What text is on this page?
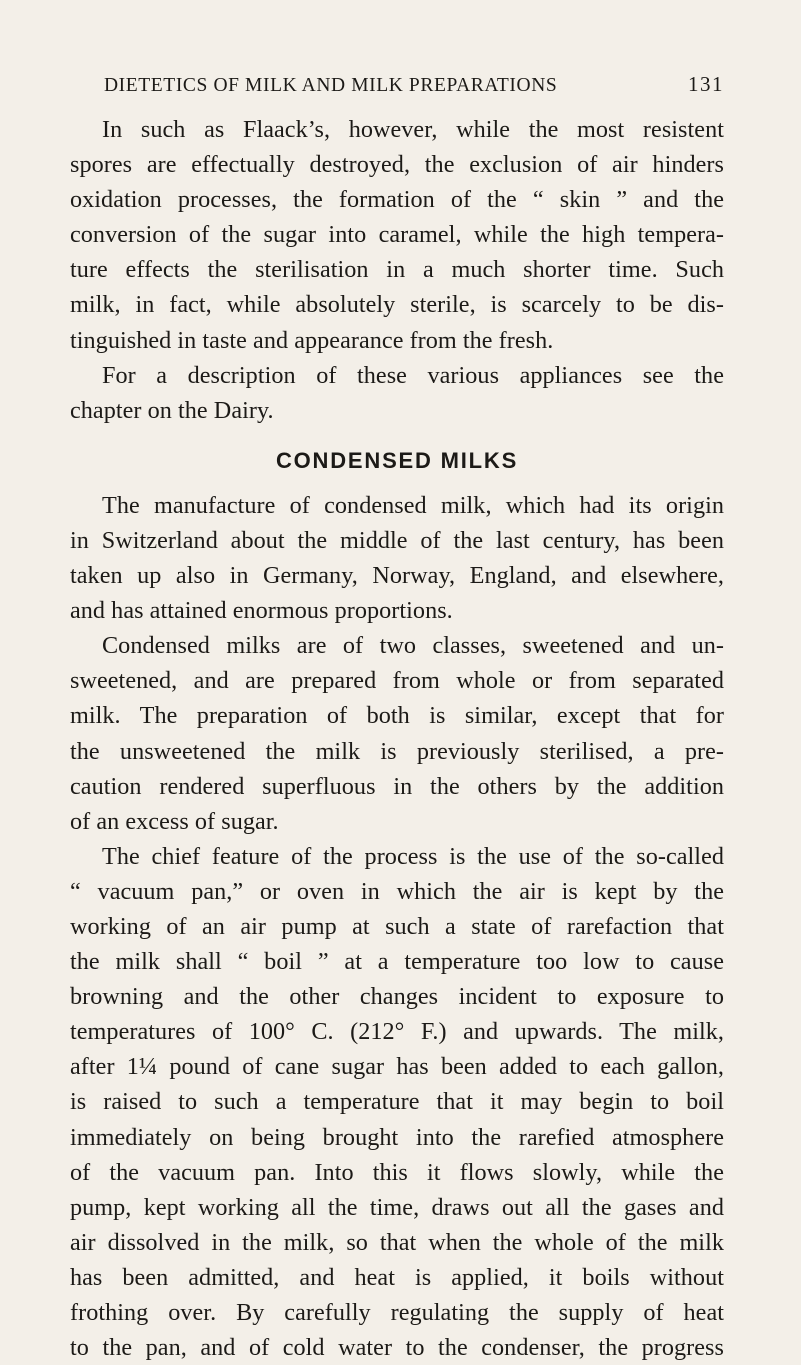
DIETETICS OF MILK AND MILK PREPARATIONS	131
In such as Flaack’s, however, while the most resistent
spores are effectually destroyed, the exclusion of air hinders
oxidation processes, the formation of the “ skin ” and the
conversion of the sugar into caramel, while the high tempera-
ture effects the sterilisation in a much shorter time. Such
milk, in fact, while absolutely sterile, is scarcely to be dis-
tinguished in taste and appearance from the fresh.
For a description of these various appliances see the
chapter on the Dairy.
CONDENSED MILKS
The manufacture of condensed milk, which had its origin
in Switzerland about the middle of the last century, has been
taken up also in Germany, Norway, England, and elsewhere,
and has attained enormous proportions.
Condensed milks are of two classes, sweetened and un-
sweetened, and are prepared from whole or from separated
milk. The preparation of both is similar, except that for
the unsweetened the milk is previously sterilised, a pre-
caution rendered superfluous in the others by the addition
of an excess of sugar.
The chief feature of the process is the use of the so-called
“ vacuum pan,” or oven in which the air is kept by the
working of an air pump at such a state of rarefaction that
the milk shall “ boil ” at a temperature too low to cause
browning and the other changes incident to exposure to
temperatures of 100° C. (212° F.) and upwards. The milk,
after 1¼ pound of cane sugar has been added to each gallon,
is raised to such a temperature that it may begin to boil
immediately on being brought into the rarefied atmosphere
of the vacuum pan. Into this it flows slowly, while the
pump, kept working all the time, draws out all the gases and
air dissolved in the milk, so that when the whole of the milk
has been admitted, and heat is applied, it boils without
frothing over. By carefully regulating the supply of heat
to the pan, and of cold water to the condenser, the progress
